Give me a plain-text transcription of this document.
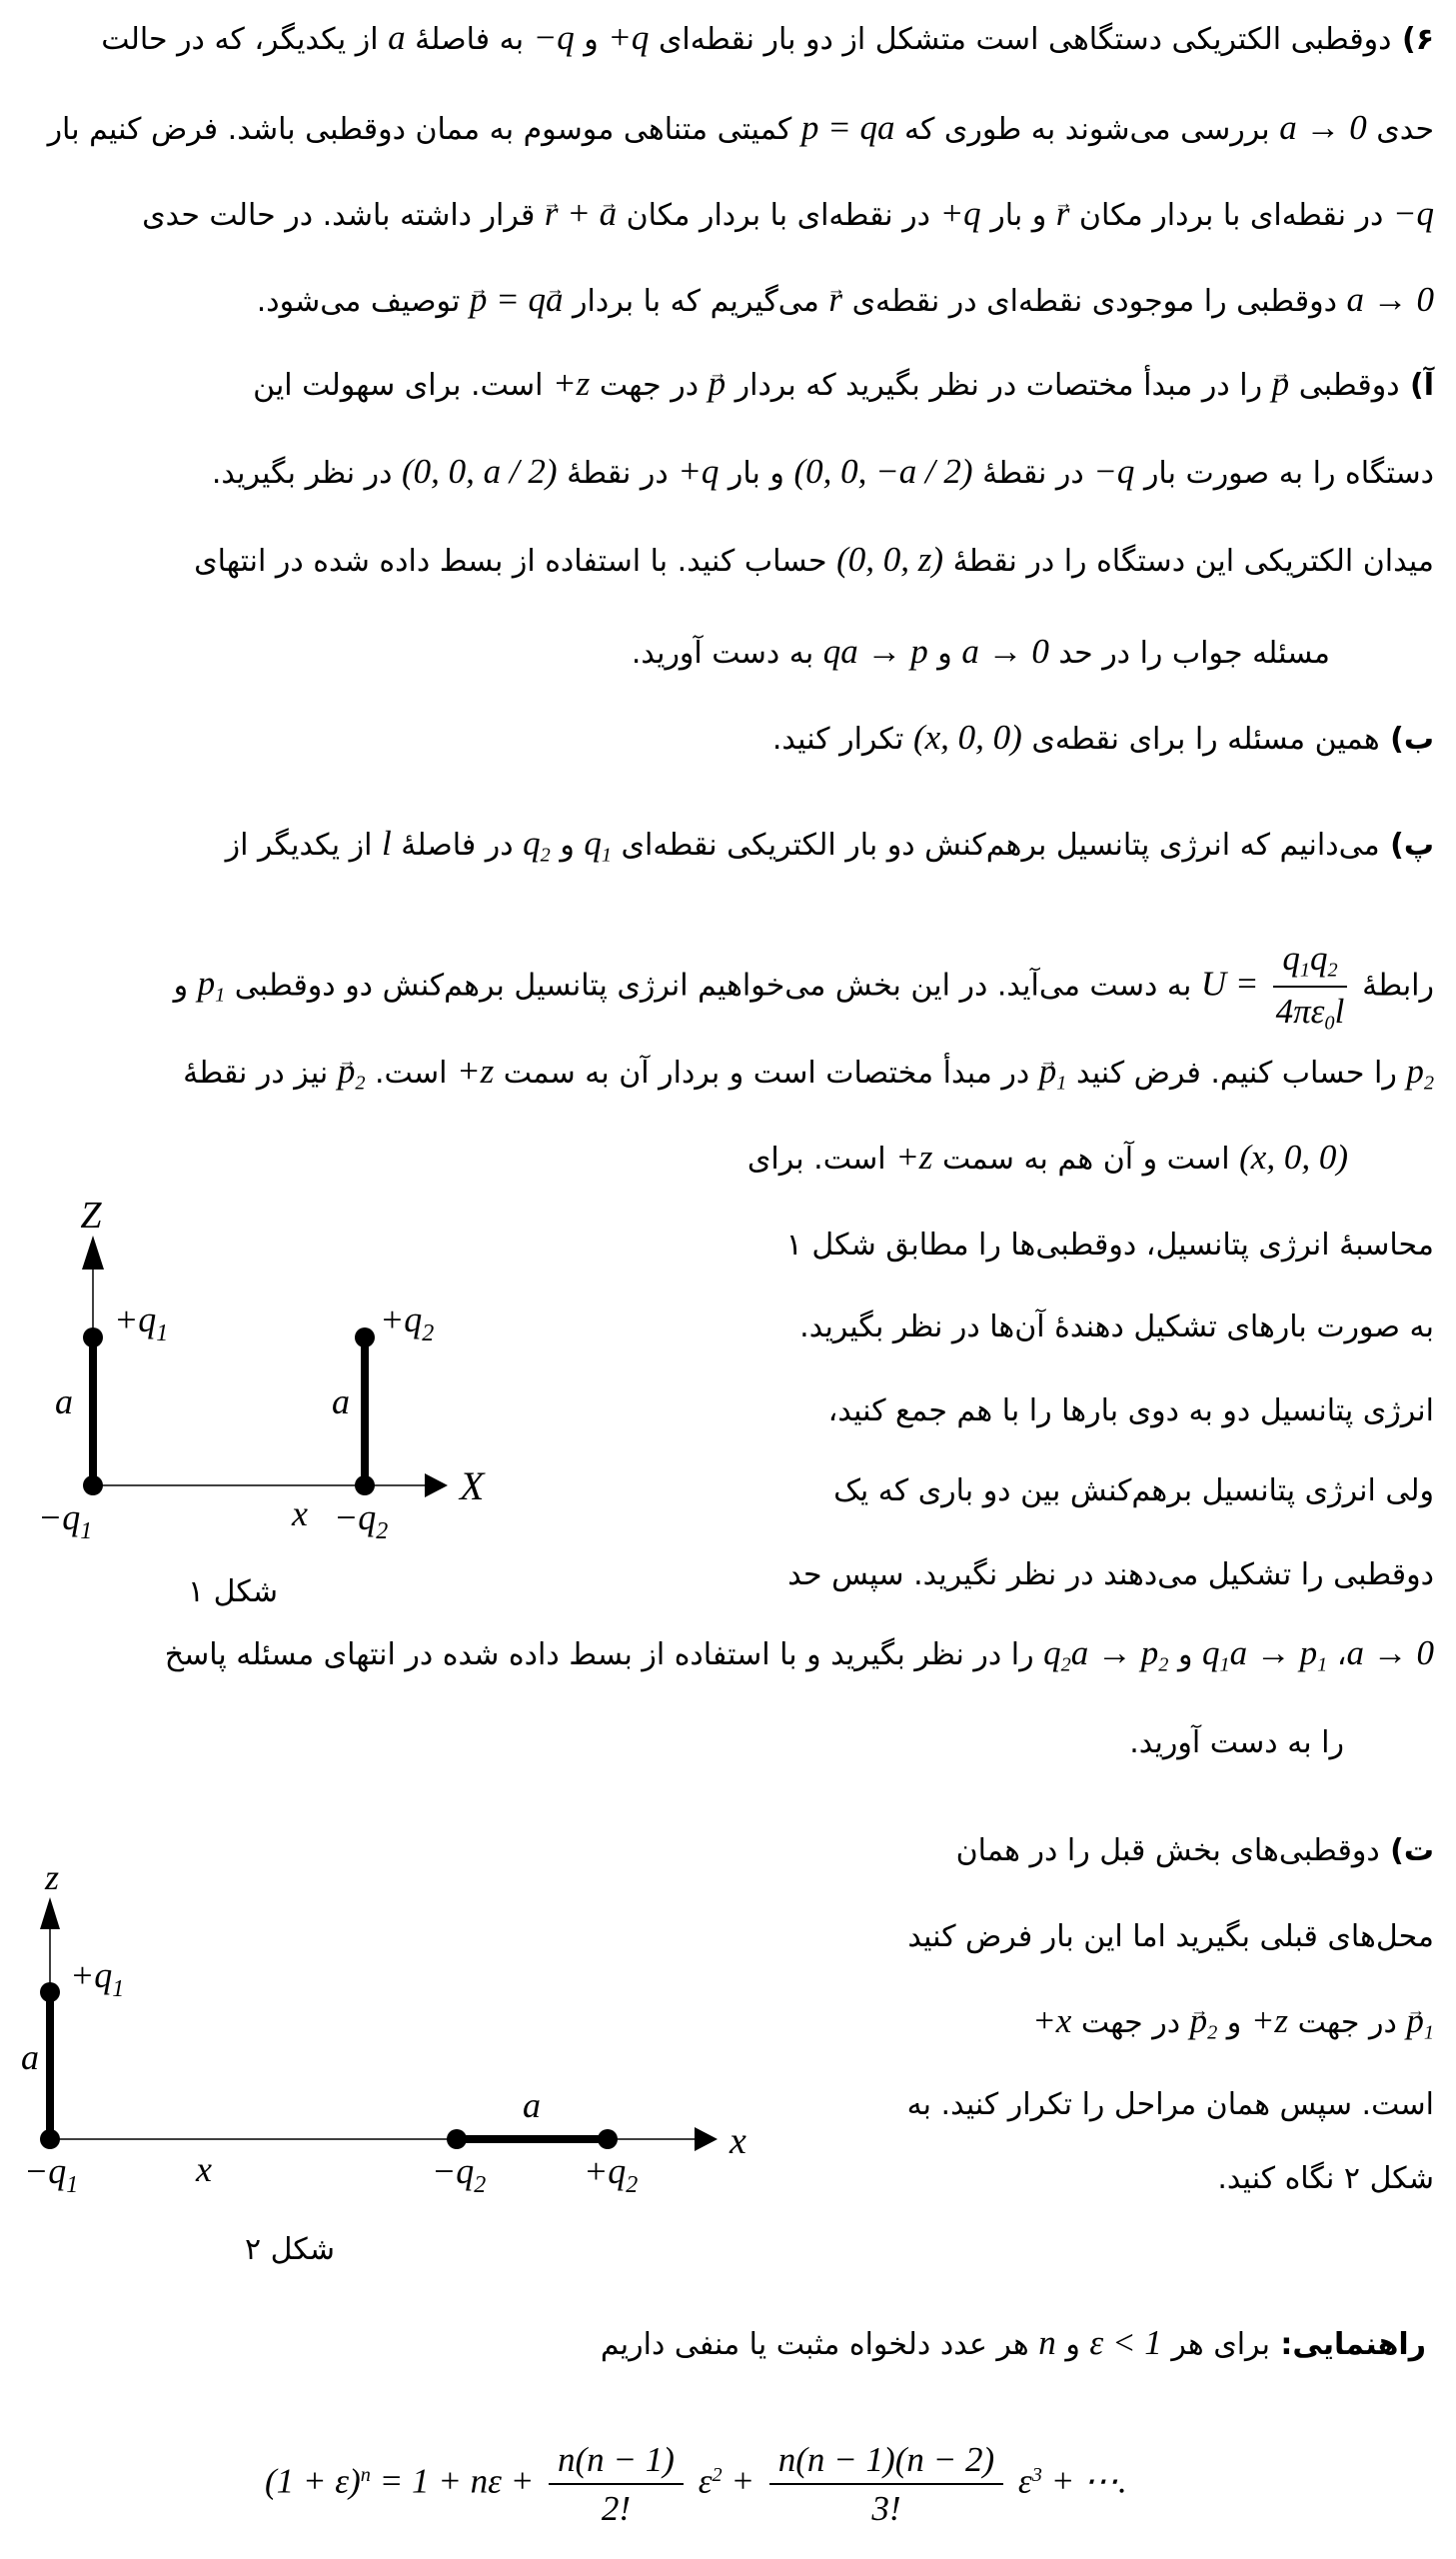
۶) دوقطبی الکتریکی دستگاهی است متشکل از دو بار نقطه‌ای +q و −q به فاصلهٔ a از یکدیگر، که در حالت
حدی a → 0 بررسی می‌شوند به طوری که p = qa کمیتی متناهی موسوم به ممان دوقطبی باشد. فرض کنیم بار
−q در نقطه‌ای با بردار مکان r → و بار +q در نقطه‌ای با بردار مکان r → + a → قرار داشته باشد. در حالت حدی
a → 0 دوقطبی را موجودی نقطه‌ای در نقطه‌ی r → می‌گیریم که با بردار p → = qa → توصیف می‌شود.
آ) دوقطبی p → را در مبدأ مختصات در نظر بگیرید که بردار p → در جهت +z است. برای سهولت این
دستگاه را به صورت بار −q در نقطهٔ (0, 0, −a / 2) و بار +q در نقطهٔ (0, 0, a / 2) در نظر بگیرید.
میدان الکتریکی این دستگاه را در نقطهٔ (0, 0, z) حساب کنید. با استفاده از بسط داده شده در انتهای
مسئله جواب را در حد a → 0 و qa → p به دست آورید.
ب) همین مسئله را برای نقطه‌ی (x, 0, 0) تکرار کنید.
پ) می‌دانیم که انرژی پتانسیل برهم‌کنش دو بار الکتریکی نقطه‌ای q1 و q2 در فاصلهٔ l از یکدیگر از
رابطهٔ $U = \frac{q1q2}{4\pi\varepsilon 0l}$
به دست می‌آید. در این بخش می‌خواهیم انرژی پتانسیل برهم‌کنش دو دوقطبی p1 و
p2 را حساب کنیم. فرض کنید p →1 در مبدأ مختصات است و بردار آن به سمت +z است. p →2 نیز در نقطهٔ
(x, 0, 0) است و آن هم به سمت +z است. برای
محاسبهٔ انرژی پتانسیل، دوقطبی‌ها را مطابق شکل ۱
به صورت بارهای تشکیل دهندهٔ آن‌ها در نظر بگیرید.
انرژی پتانسیل دو به دوی بارها را با هم جمع کنید،
ولی انرژی پتانسیل برهم‌کنش بین دو باری که یک
دوقطبی را تشکیل می‌دهند در نظر نگیرید. سپس حد
Z
$+q_1$
a
$-q_1$
X
x
$+q_2$
a
$-q_2$
شکل ۱
a → 0، q1a → p1 و q2a → p2 را در نظر بگیرید و با استفاده از بسط داده شده در انتهای مسئله پاسخ
را به دست آورید.
ت) دوقطبی‌های بخش قبل را در همان
محل‌های قبلی بگیرید اما این بار فرض کنید
p →1 در جهت +z و p →2 در جهت +x
است. سپس همان مراحل را تکرار کنید. به
شکل ۲ نگاه کنید.
z
$+q_1$
a
$-q_1$
x
x
a
$-q_2$	$+q_2$
شکل ۲
راهنمایی: برای هر ε < 1 و n هر عدد دلخواه مثبت یا منفی داریم
$(1 + \varepsilon)^n = 1 + n\varepsilon + \frac{n(n - 1)}{2!} \varepsilon^2 + \frac{n(n - 1)(n - 2)}{3!} \varepsilon^3$ + ⋯.
